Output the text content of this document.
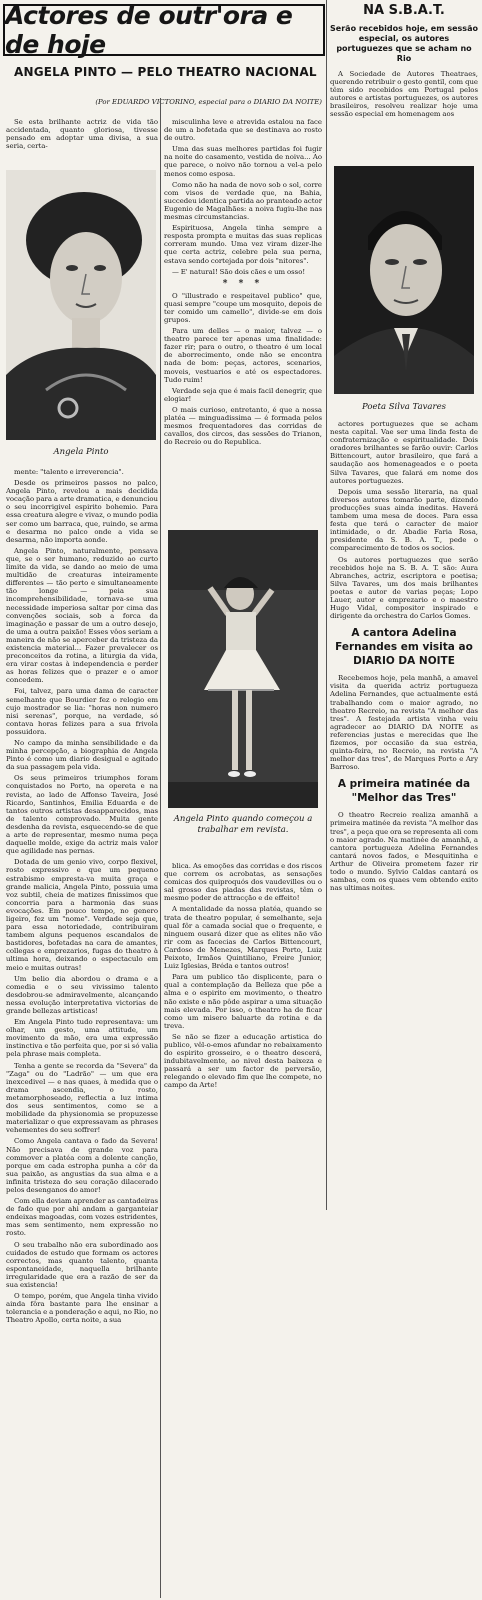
Actores de outr'ora e de hoje
ANGELA PINTO — PELO THEATRO NACIONAL
(Por EDUARDO VICTORINO, especial para o DIARIO DA NOITE)

Se esta brilhante actriz de vida tão accidentada, quanto gloriosa, tivesse pensado em adoptar uma divisa, a sua seria, certa-

Angela Pinto

mente: "talento e irreverencia".

Desde os primeiros passos no palco, Angela Pinto, revelou a mais decidida vocação para a arte dramatica, e denunciou o seu incorrigivel espirito bohemio. Para essa creatura alegre e vivaz, o mundo podia ser como um barraca, que, ruindo, se arma e desarma no palco onde a vida se desarma, não importa aonde.

Angela Pinto, naturalmente, pensava que, se o ser humano, reduzido ao curto limite da vida, se dando ao meio de uma multidão de creaturas inteiramente differentes — tão perto e simultaneamente tão longe — peia sua incomprehensibilidade, tornava-se uma necessidade imperiosa saltar por cima das convenções sociais, sob a forca da imaginação e passar de um a outro desejo, de uma a outra paixão! Esses vôos seriam a maneira de não se aperceber da tristeza da existencia material... Fazer prevalecer os preconceitos da rotina, a liturgia da vida, era virar costas à independencia e perder as horas felizes que o prazer e o amor concedem.

Foi, talvez, para uma dama de caracter semelhante que Bourdier fez o relogio em cujo mostrador se lia: "horas non numero nisi serenas", porque, na verdade, só contava horas felizes para a sua frivola possuidora.

No campo da minha sensibilidade e da minha percepção, a biographia de Angela Pinto é como um diario desigual e agitado da sua passagem pela vida.

Os seus primeiros triumphos foram conquistados no Porto, na opereta e na revista, ao lado de Affonso Taveira, José Ricardo, Santinhos, Emilia Eduarda e de tantos outros artistas desapparecidos, mas de talento comprovado. Muita gente desdenha da revista, esquecendo-se de que a arte de representar, mesmo numa peça daquelle molde, exige da actriz mais valor que agilidade nas pernas.

Dotada de um genio vivo, corpo flexivel, rosto expressivo e que um pequeno estrabismo empresta-va muita graça e grande malicia, Angela Pinto, possuia uma voz subtil, cheia de matizes finissimos que concorria para a harmonia das suas evocações. Em pouco tempo, no genero ligeiro, fez um "nome". Verdade seja que, para essa notoriedade, contribuiram tambem alguns pequenos escandalos de bastidores, bofetadas na cara de amantes, collegas e emprezarios, fugas do theatro à ultima hora, deixando o espectaculo em meio e muitas outras!

Um belio dia abordou o drama e a comedia e o seu vivissimo talento desdobrou-se admiravelmente, alcançando nessa evolução interpretativa victorias de grande bellezas artisticas!

Em Angela Pinto tudo representava: um olhar, um gesto, uma attitude, um movimento da mão, era uma expressão instinctiva e tão perfeita que, por si só valia pela phrase mais completa.

Tenha a gente se recorda da "Severa" da "Zaga" ou do "Ladrão" — um que era inexcedivel — e nas quaes, à medida que o drama ascendia, o rosto, metamorphoseado, reflectia a luz intima dos seus sentimentos, como se a mobilidade da physionomia se propuzesse materializar o que expressavam as phrases vehementes do seu soffrer!

Como Angela cantava o fado da Severa! Não precisava de grande voz para commover a platéa com a dolente canção, porque em cada estropha punha a côr da sua paixão, as angustias da sua alma e a infinita tristeza do seu coração dilacerado pelos desenganos do amor!

Com ella deviam aprender as cantadeiras de fado que por ahi andam a garganteiar endeixas magoadas, com vozes estridentes, mas sem sentimento, nem expressão no rosto.

O seu trabalho não era subordinado aos cuidados de estudo que formam os actores correctos, mas quanto talento, quanta espontaneidade, naquella brilhante irregularidade que era a razão de ser da sua existencia!

O tempo, porém, que Angela tinha vivido ainda fôra bastante para lhe ensinar a tolerancia e a ponderação e aqui, no Rio, no Theatro Apollo, certa noite, a sua

misculinha leve e atrevida estalou na face de um a bofetada que se destinava ao rosto de outro.

Uma das suas melhores partidas foi fugir na noite do casamento, vestida de noiva... Ao que parece, o noivo não tornou a vel-a pelo menos como esposa.

Como não ha nada de novo sob o sol, corre com visos de verdade que, na Bahia, succedeu identica partida ao pranteado actor Eugenio de Magalhães: a noiva fugiu-lhe nas mesmas circumstancias.

Espirituosa, Angela tinha sempre a resposta prompta e muitas das suas replicas correram mundo. Uma vez viram dizer-lhe que certa actriz, celebre pela sua perna, estava sendo cortejada por dois "nitores".

— E' natural! São dois cães e um osso!

* * *

O "illustrado e respeitavel publico" que, quasi sempre "coupe um mosquito, depois de ter comido um camello", divide-se em dois grupos.

Para um delles — o maior, talvez — o theatro parece ter apenas uma finalidade: fazer rir; para o outro, o theatro é um local de aborrecimento, onde não se encontra nada de bom: peças, actores, scenarios, moveis, vestuarios e até os espectadores. Tudo ruim!

Verdade seja que é mais facil denegrir, que elogiar!

O mais curioso, entretanto, é que a nossa platéa — minguadissima — é formada pelos mesmos frequentadores das corridas de cavallos, dos circos, das sessões do Trianon, do Recreio ou do Republica.

Angela Pinto quando começou a trabalhar em revista.

blica. As emoções das corridas e dos riscos que correm os acrobatas, as sensações comicas dos quiproquós dos vaudevilles ou o sal grosso das piadas das revistas, têm o mesmo poder de attracção e de effeito!

A mentalidade da nossa platéa, quando se trata de theatro popular, é semelhante, seja qual fôr a camada social que o frequente, e ninguem ousará dizer que as elites não vão rir com as facecias de Carlos Bittencourt, Cardoso de Menezes, Marques Porto, Luiz Peixoto, Irmãos Quintiliano, Freire Junior, Luiz Iglesias, Bréda e tantos outros!

Para um publico tão displicente, para o qual a contemplação da Belleza que põe a alma e o espirito em movimento, o theatro não existe e não pôde aspirar a uma situação mais elevada. Por isso, o theatro ha de ficar como um misero baluarte da rotina e da treva.

Se não se fizer a educação artistica do publico, vêl-o-emos afundar no rebaixamento do espirito grosseiro, e o theatro descerá, indubitavelmente, ao nivel desta baixeza e passará a ser um factor de perversão, relegando o elevado fim que lhe compete, no campo da Arte!

NA S.B.A.T.
Serão recebidos hoje, em sessão especial, os autores portuguezes que se acham no Rio

A Sociedade de Autores Theatraes, querendo retribuir o gesto gentil, com que têm sido recebidos em Portugal pelos autores e artistas portuguezes, os autores brasileiros, resolveu realizar hoje uma sessão especial em homenagem aos

Poeta Silva Tavares

actores portuguezes que se acham nesta capital. Vae ser uma linda festa de confraternização e espiritualidade. Dois oradores brilhantes se farão ouvir: Carlos Bittencourt, autor brasileiro, que fará a saudação aos homenageados e o poeta Silva Tavares, que falará em nome dos autores portuguezes.

Depois uma sessão literaria, na qual diversos autores tomarão parte, dizendo producções suas ainda ineditas. Haverá tambem uma mesa de doces. Para essa festa que terá o caracter de maior intimidade, o dr. Abadie Faria Rosa, presidente da S. B. A. T., pede o comparecimento de todos os socios.

Os autores portuguezes que serão recebidos hoje na S. B. A. T. são: Aura Abranches, actriz, escriptora e poetisa; Silva Tavares, um dos mais brilhantes poetas e autor de varias peças; Lopo Lauer, autor e emprezario e o maestro Hugo Vidal, compositor inspirado e dirigente da orchestra do Carlos Gomes.

A cantora Adelina Fernandes em visita ao DIARIO DA NOITE

Recebemos hoje, pela manhã, a amavel visita da querida actriz portugueza Adelina Fernandes, que actualmente está trabalhando com o maior agrado, no theatro Recreio, na revista "A melhor das tres". A festejada artista vinha veiu agradecer ao DIARIO DA NOITE as referencias justas e merecidas que lhe fizemos, por occasião da sua estréa, quinta-feira, no Recreio, na revista "A melhor das tres", de Marques Porto e Ary Barroso.

A primeira matinée da "Melhor das Tres"

O theatro Recreio realiza amanhã a primeira matinée da revista "A melhor das tres", a peça que ora se representa ali com o maior agrado. Na matinée de amanhã, a cantora portugueza Adelina Fernandes cantará novos fados, e Mesquitinha e Arthur de Oliveira prometem fazer rir todo o mundo. Sylvio Caldas cantará os sambas, com os quaes vem obtendo exito nas ultimas noites.
